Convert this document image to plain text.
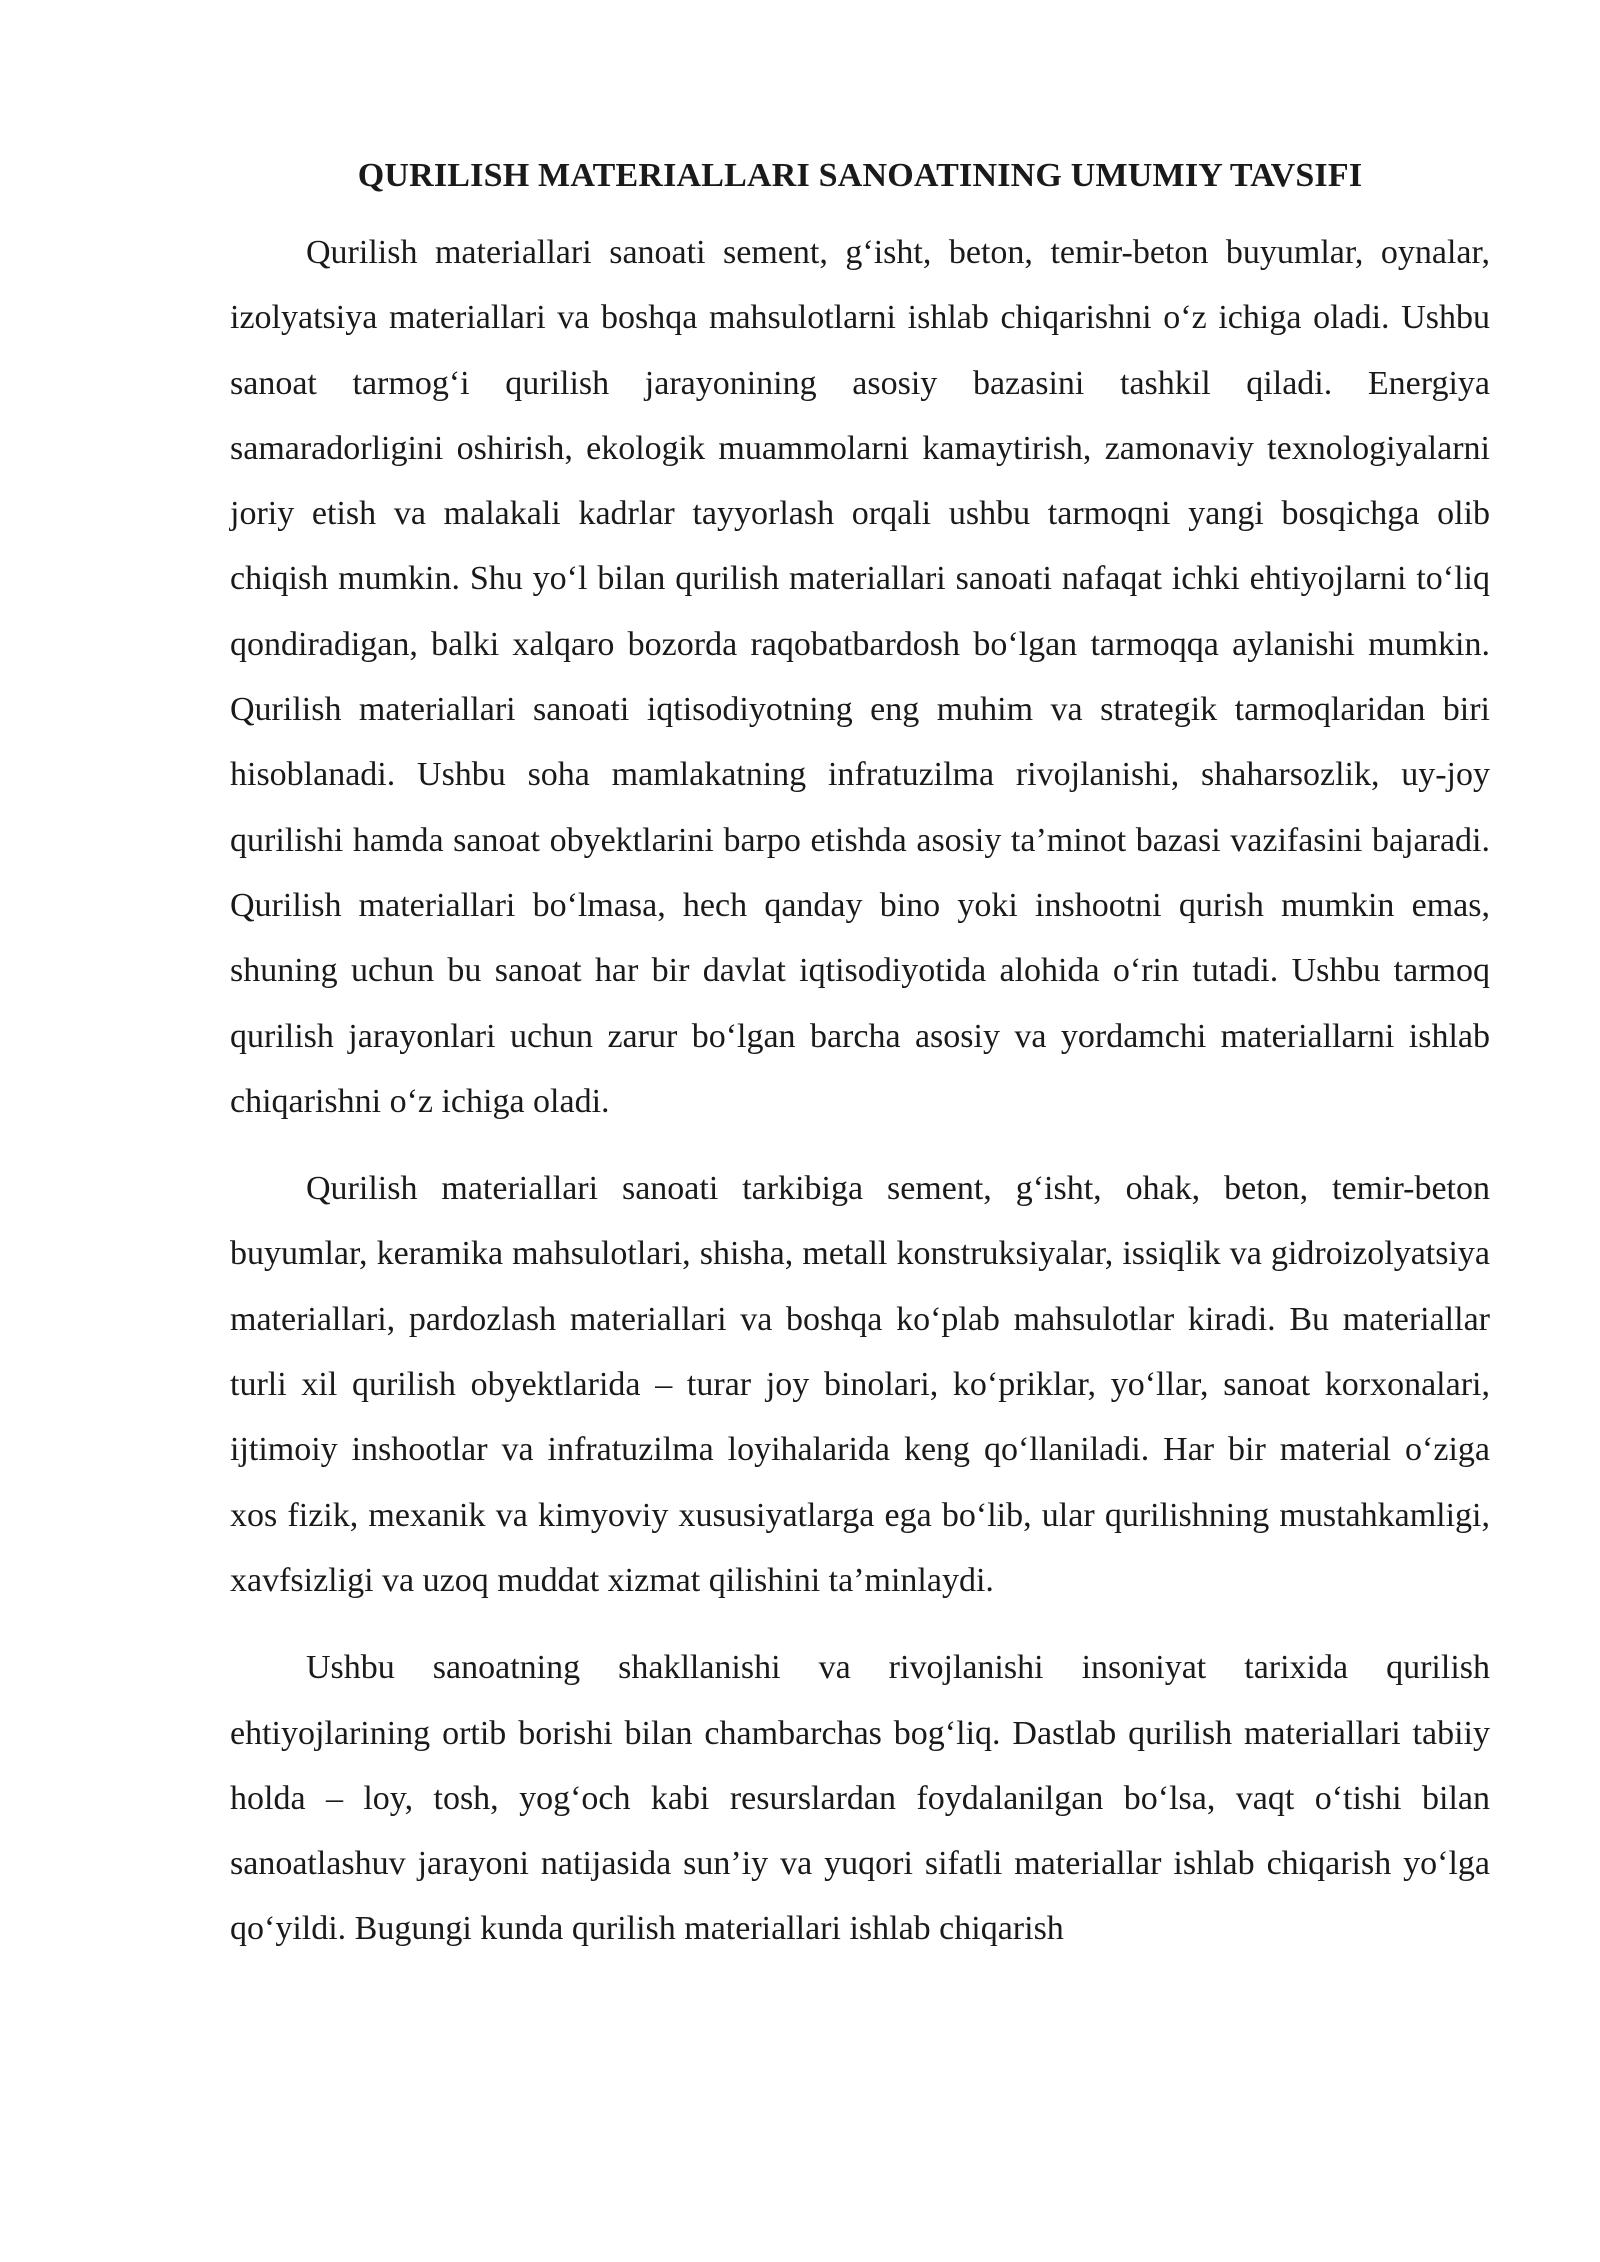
QURILISH MATERIALLARI SANOATINING UMUMIY TAVSIFI

Qurilish materiallari sanoati sement, g‘isht, beton, temir-beton buyumlar, oynalar, izolyatsiya materiallari va boshqa mahsulotlarni ishlab chiqarishni o‘z ichiga oladi. Ushbu sanoat tarmog‘i qurilish jarayonining asosiy bazasini tashkil qiladi. Energiya samaradorligini oshirish, ekologik muammolarni kamaytirish, zamonaviy texnologiyalarni joriy etish va malakali kadrlar tayyorlash orqali ushbu tarmoqni yangi bosqichga olib chiqish mumkin. Shu yo‘l bilan qurilish materiallari sanoati nafaqat ichki ehtiyojlarni to‘liq qondiradigan, balki xalqaro bozorda raqobatbardosh bo‘lgan tarmoqqa aylanishi mumkin. Qurilish materiallari sanoati iqtisodiyotning eng muhim va strategik tarmoqlaridan biri hisoblanadi. Ushbu soha mamlakatning infratuzilma rivojlanishi, shaharsozlik, uy-joy qurilishi hamda sanoat obyektlarini barpo etishda asosiy ta’minot bazasi vazifasini bajaradi. Qurilish materiallari bo‘lmasa, hech qanday bino yoki inshootni qurish mumkin emas, shuning uchun bu sanoat har bir davlat iqtisodiyotida alohida o‘rin tutadi. Ushbu tarmoq qurilish jarayonlari uchun zarur bo‘lgan barcha asosiy va yordamchi materiallarni ishlab chiqarishni o‘z ichiga oladi.

Qurilish materiallari sanoati tarkibiga sement, g‘isht, ohak, beton, temir-beton buyumlar, keramika mahsulotlari, shisha, metall konstruksiyalar, issiqlik va gidroizolyatsiya materiallari, pardozlash materiallari va boshqa ko‘plab mahsulotlar kiradi. Bu materiallar turli xil qurilish obyektlarida – turar joy binolari, ko‘priklar, yo‘llar, sanoat korxonalari, ijtimoiy inshootlar va infratuzilma loyihalarida keng qo‘llaniladi. Har bir material o‘ziga xos fizik, mexanik va kimyoviy xususiyatlarga ega bo‘lib, ular qurilishning mustahkamligi, xavfsizligi va uzoq muddat xizmat qilishini ta’minlaydi.

Ushbu sanoatning shakllanishi va rivojlanishi insoniyat tarixida qurilish ehtiyojlarining ortib borishi bilan chambarchas bog‘liq. Dastlab qurilish materiallari tabiiy holda – loy, tosh, yog‘och kabi resurslardan foydalanilgan bo‘lsa, vaqt o‘tishi bilan sanoatlashuv jarayoni natijasida sun’iy va yuqori sifatli materiallar ishlab chiqarish yo‘lga qo‘yildi. Bugungi kunda qurilish materiallari ishlab chiqarish
